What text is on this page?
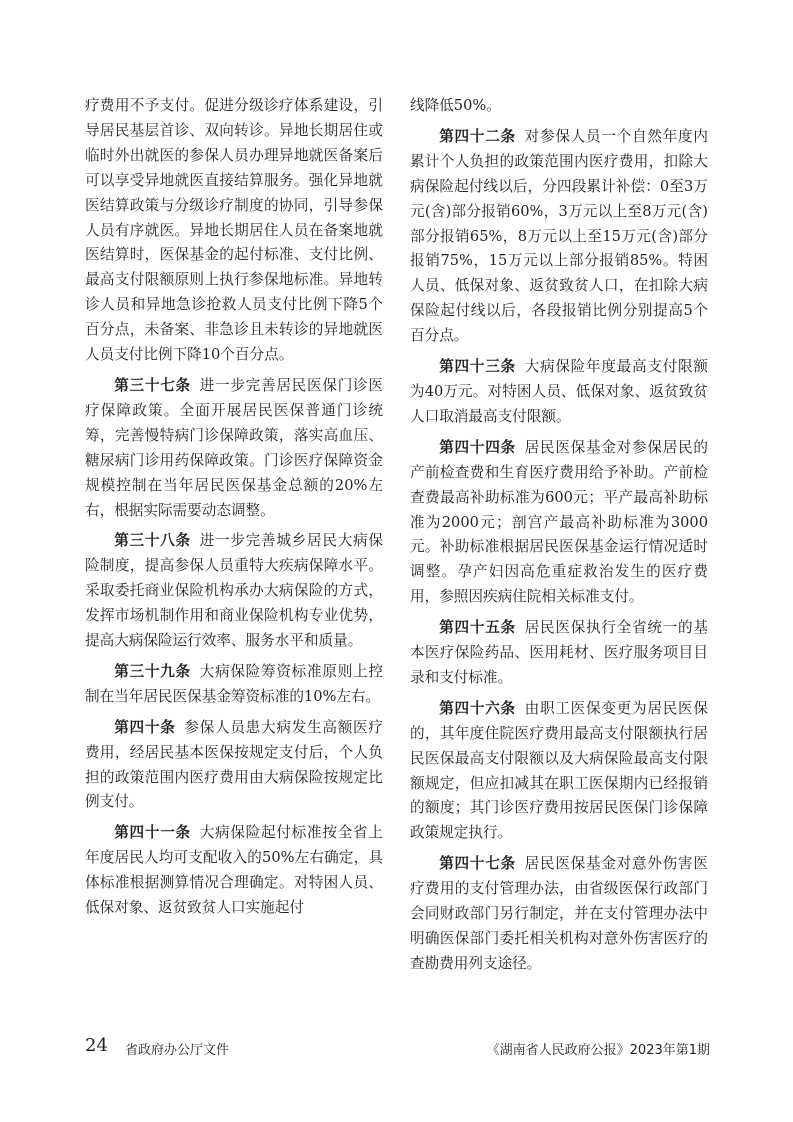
疗费用不予支付。促进分级诊疗体系建设，引导居民基层首诊、双向转诊。异地长期居住或临时外出就医的参保人员办理异地就医备案后可以享受异地就医直接结算服务。强化异地就医结算政策与分级诊疗制度的协同，引导参保人员有序就医。异地长期居住人员在备案地就医结算时，医保基金的起付标准、支付比例、最高支付限额原则上执行参保地标准。异地转诊人员和异地急诊抢救人员支付比例下降5个百分点，未备案、非急诊且未转诊的异地就医人员支付比例下降10个百分点。

第三十七条 进一步完善居民医保门诊医疗保障政策。全面开展居民医保普通门诊统筹，完善慢特病门诊保障政策，落实高血压、糖尿病门诊用药保障政策。门诊医疗保障资金规模控制在当年居民医保基金总额的20%左右，根据实际需要动态调整。

第三十八条 进一步完善城乡居民大病保险制度，提高参保人员重特大疾病保障水平。采取委托商业保险机构承办大病保险的方式，发挥市场机制作用和商业保险机构专业优势，提高大病保险运行效率、服务水平和质量。

第三十九条 大病保险筹资标准原则上控制在当年居民医保基金筹资标准的10%左右。

第四十条 参保人员患大病发生高额医疗费用，经居民基本医保按规定支付后，个人负担的政策范围内医疗费用由大病保险按规定比例支付。

第四十一条 大病保险起付标准按全省上年度居民人均可支配收入的50%左右确定，具体标准根据测算情况合理确定。对特困人员、低保对象、返贫致贫人口实施起付

线降低50%。

第四十二条 对参保人员一个自然年度内累计个人负担的政策范围内医疗费用，扣除大病保险起付线以后，分四段累计补偿：0至3万元(含)部分报销60%，3万元以上至8万元(含)部分报销65%，8万元以上至15万元(含)部分报销75%，15万元以上部分报销85%。特困人员、低保对象、返贫致贫人口，在扣除大病保险起付线以后，各段报销比例分别提高5个百分点。

第四十三条 大病保险年度最高支付限额为40万元。对特困人员、低保对象、返贫致贫人口取消最高支付限额。

第四十四条 居民医保基金对参保居民的产前检查费和生育医疗费用给予补助。产前检查费最高补助标准为600元；平产最高补助标准为2000元；剖宫产最高补助标准为3000元。补助标准根据居民医保基金运行情况适时调整。孕产妇因高危重症救治发生的医疗费用，参照因疾病住院相关标准支付。

第四十五条 居民医保执行全省统一的基本医疗保险药品、医用耗材、医疗服务项目目录和支付标准。

第四十六条 由职工医保变更为居民医保的，其年度住院医疗费用最高支付限额执行居民医保最高支付限额以及大病保险最高支付限额规定，但应扣减其在职工医保期内已经报销的额度；其门诊医疗费用按居民医保门诊保障政策规定执行。

第四十七条 居民医保基金对意外伤害医疗费用的支付管理办法，由省级医保行政部门会同财政部门另行制定，并在支付管理办法中明确医保部门委托相关机构对意外伤害医疗的查勘费用列支途径。

24 省政府办公厅文件	《湖南省人民政府公报》2023年第1期
